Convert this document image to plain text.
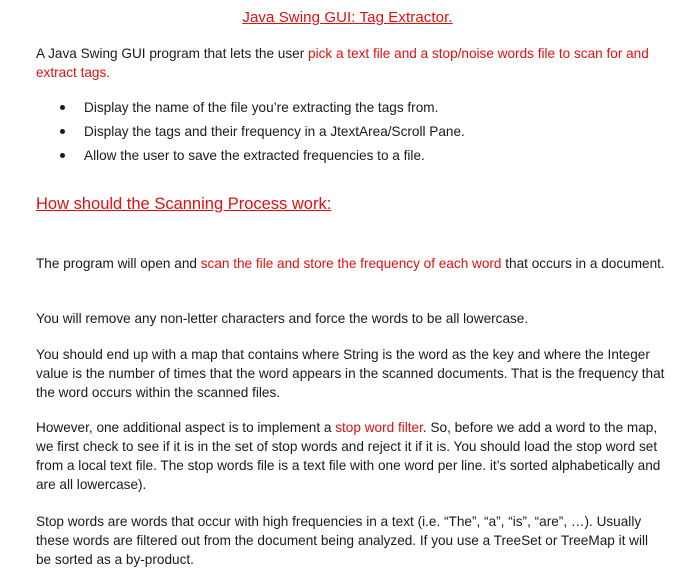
Java Swing GUI: Tag Extractor.
A Java Swing GUI program that lets the user pick a text file and a stop/noise words file to scan for and extract tags.
Display the name of the file you’re extracting the tags from.
Display the tags and their frequency in a JtextArea/Scroll Pane.
Allow the user to save the extracted frequencies to a file.
How should the Scanning Process work:
The program will open and scan the file and store the frequency of each word that occurs in a document.
You will remove any non-letter characters and force the words to be all lowercase.
You should end up with a map that contains where String is the word as the key and where the Integer value is the number of times that the word appears in the scanned documents. That is the frequency that the word occurs within the scanned files.
However, one additional aspect is to implement a stop word filter. So, before we add a word to the map, we first check to see if it is in the set of stop words and reject it if it is. You should load the stop word set from a local text file. The stop words file is a text file with one word per line. it’s sorted alphabetically and are all lowercase).
Stop words are words that occur with high frequencies in a text (i.e. “The”, “a”, “is”, “are”, …). Usually these words are filtered out from the document being analyzed. If you use a TreeSet or TreeMap it will be sorted as a by-product.
